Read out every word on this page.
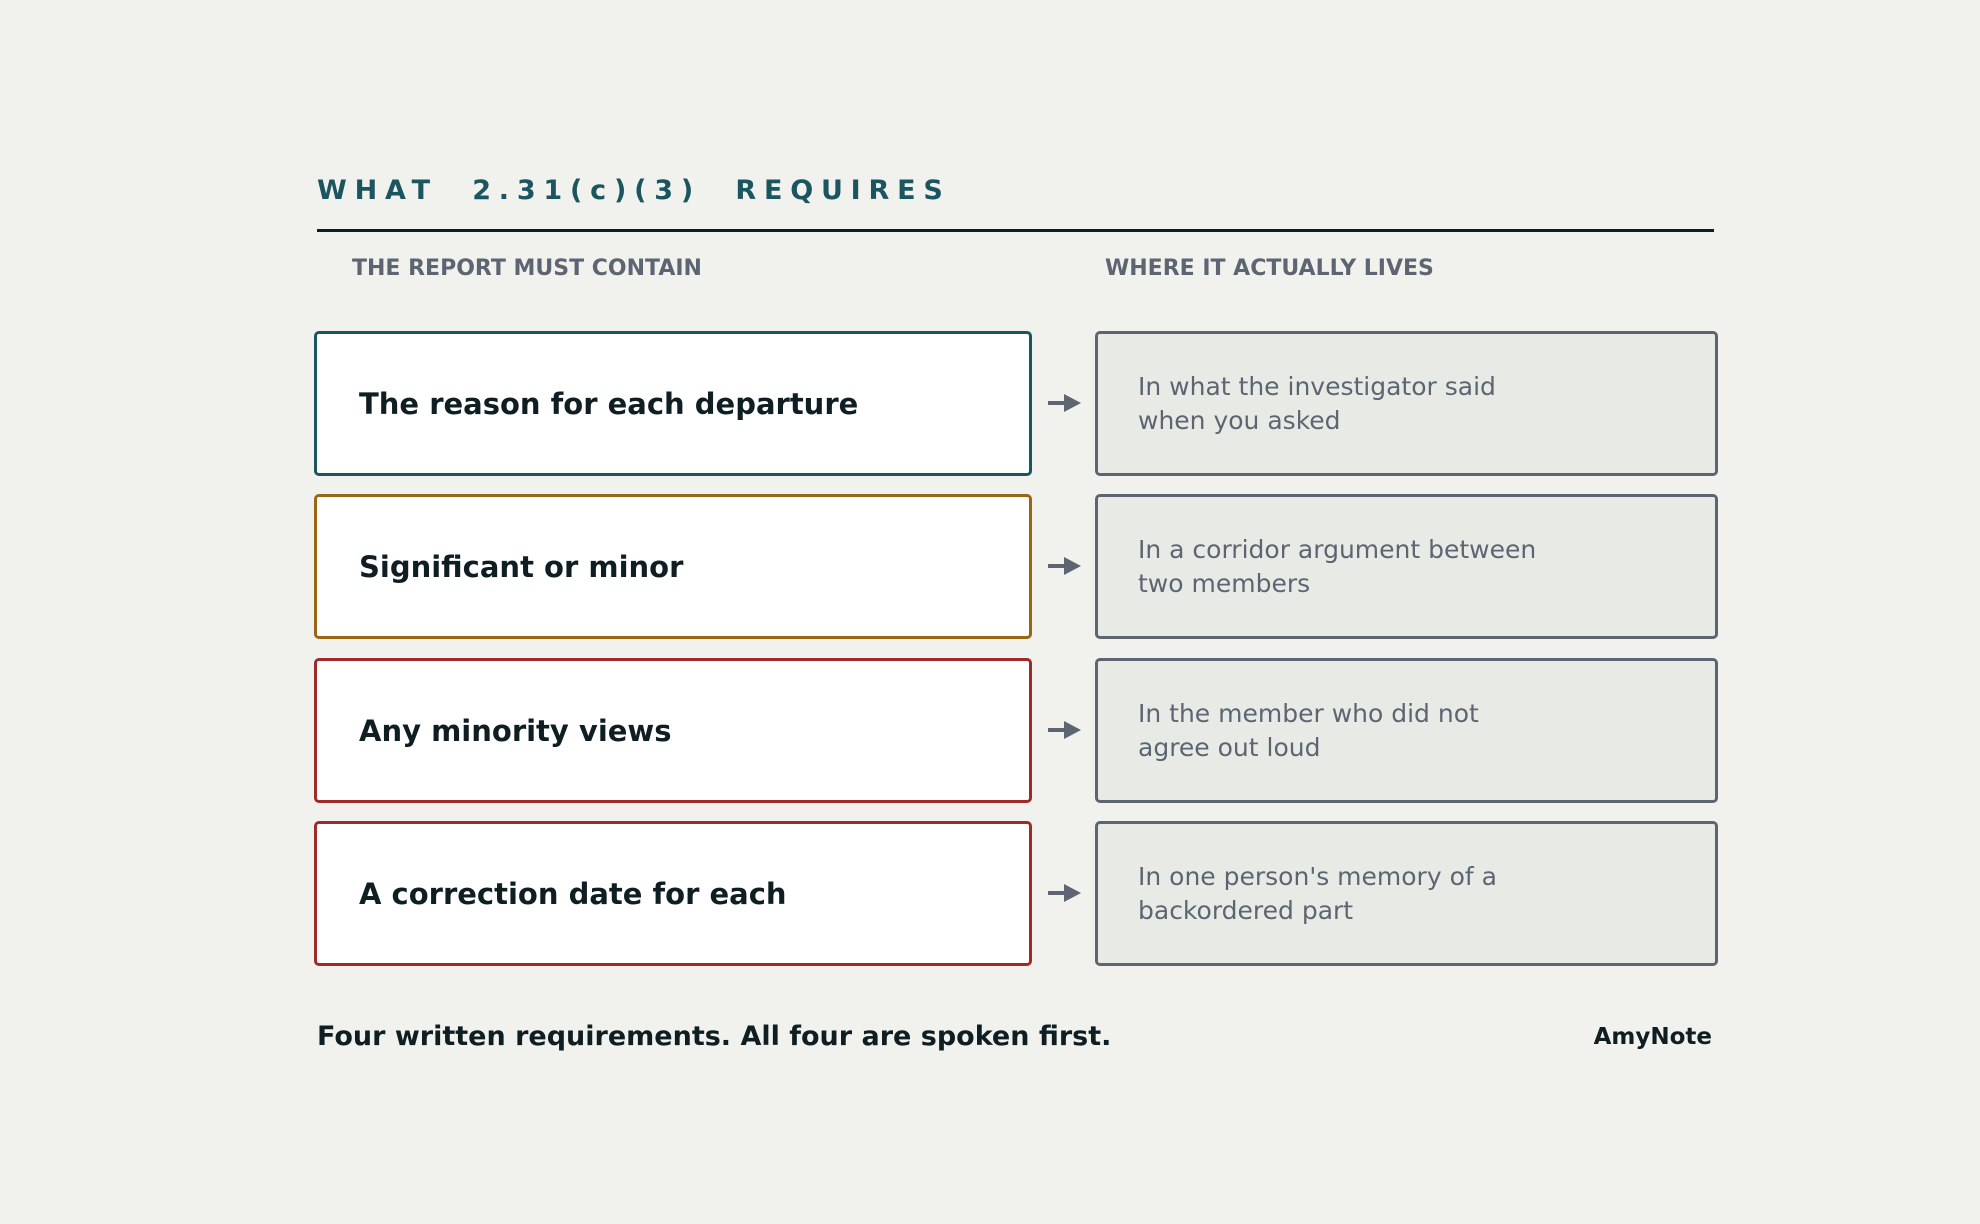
WHAT  2.31(c)(3)  REQUIRES
THE REPORT MUST CONTAIN	WHERE IT ACTUALLY LIVES
The reason for each departure
In what the investigator said when you asked
Significant or minor
In a corridor argument between two members
Any minority views
In the member who did not agree out loud
A correction date for each
In one person's memory of a backordered part
Four written requirements. All four are spoken first.	AmyNote
